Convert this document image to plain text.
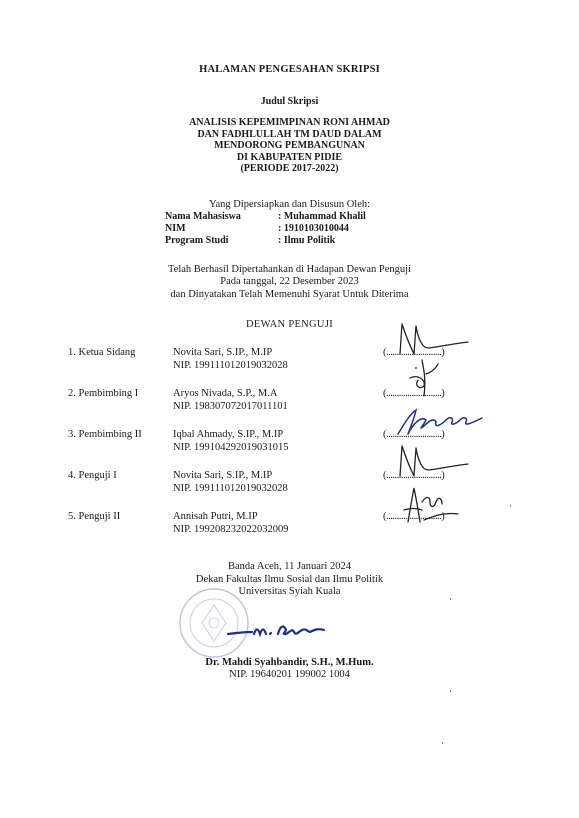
HALAMAN PENGESAHAN SKRIPSI
Judul Skripsi
ANALISIS KEPEMIMPINAN RONI AHMAD
DAN FADHLULLAH TM DAUD DALAM
MENDORONG PEMBANGUNAN
DI KABUPATEN PIDIE
(PERIODE 2017-2022)
Yang Dipersiapkan dan Disusun Oleh:
Nama Mahasiswa	: Muhammad Khalil
NIM	: 1910103010044
Program Studi	: Ilmu Politik
Telah Berhasil Dipertahankan di Hadapan Dewan Penguji
Pada tanggal, 22 Desember 2023
dan Dinyatakan Telah Memenuhi Syarat Untuk Diterima
DEWAN PENGUJI
1. Ketua Sidang	Novita Sari, S.IP., M.IP
NIP. 199111012019032028
(..........................)
2. Pembimbing I	Aryos Nivada, S.P., M.A
NIP. 198307072017011101
(..........................)
3. Pembimbing II	Iqbal Ahmady, S.IP., M.IP
NIP. 199104292019031015
(..........................)
4. Penguji I	Novita Sari, S.IP., M.IP
NIP. 199111012019032028
(..........................)
5. Penguji II	Annisah Putri, M.IP
NIP. 199208232022032009
(..........................)
Banda Aceh, 11 Januari 2024
Dekan Fakultas Ilmu Sosial dan Ilmu Politik
Universitas Syiah Kuala
Dr. Mahdi Syahbandir, S.H., M.Hum.
NIP. 19640201 199002 1004
